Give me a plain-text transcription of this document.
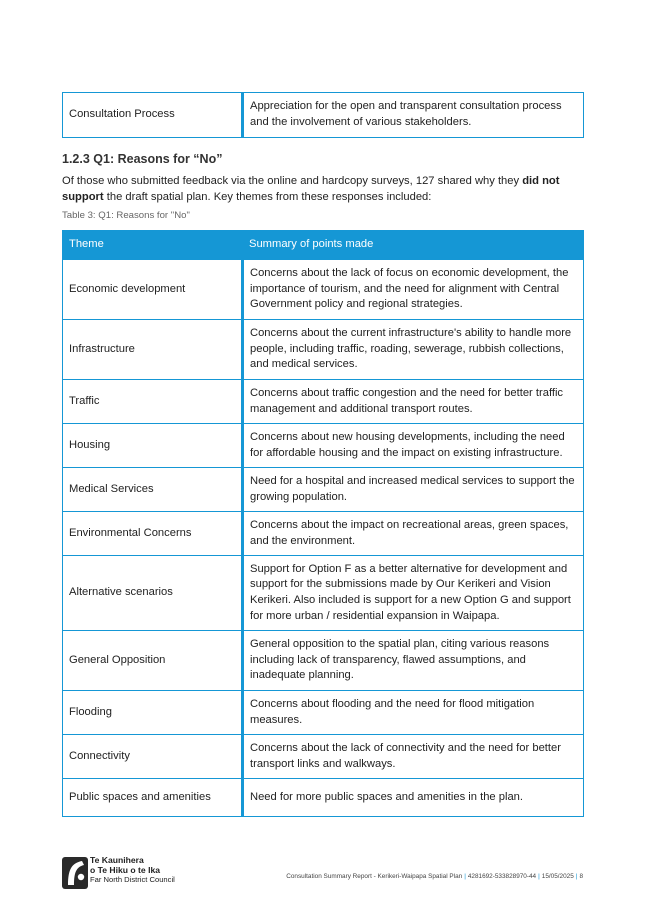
Consultation Process	Appreciation for the open and transparent consultation process and the involvement of various stakeholders.
1.2.3 Q1: Reasons for “No”
Of those who submitted feedback via the online and hardcopy surveys, 127 shared why they did not support the draft spatial plan. Key themes from these responses included:
Table 3: Q1: Reasons for "No"
Theme	Summary of points made
Economic development	Concerns about the lack of focus on economic development, the importance of tourism, and the need for alignment with Central Government policy and regional strategies.
Infrastructure	Concerns about the current infrastructure's ability to handle more people, including traffic, roading, sewerage, rubbish collections, and medical services.
Traffic	Concerns about traffic congestion and the need for better traffic management and additional transport routes.
Housing	Concerns about new housing developments, including the need for affordable housing and the impact on existing infrastructure.
Medical Services	Need for a hospital and increased medical services to support the growing population.
Environmental Concerns	Concerns about the impact on recreational areas, green spaces, and the environment.
Alternative scenarios	Support for Option F as a better alternative for development and support for the submissions made by Our Kerikeri and Vision Kerikeri. Also included is support for a new Option G and support for more urban / residential expansion in Waipapa.
General Opposition	General opposition to the spatial plan, citing various reasons including lack of transparency, flawed assumptions, and inadequate planning.
Flooding	Concerns about flooding and the need for flood mitigation measures.
Connectivity	Concerns about the lack of connectivity and the need for better transport links and walkways.
Public spaces and amenities	Need for more public spaces and amenities in the plan.
Te Kaunihera
o Te Hiku o te Ika
Far North District Council	Consultation Summary Report - Kerikeri-Waipapa Spatial Plan | 4281692-533828970-44 | 15/05/2025 | 8
